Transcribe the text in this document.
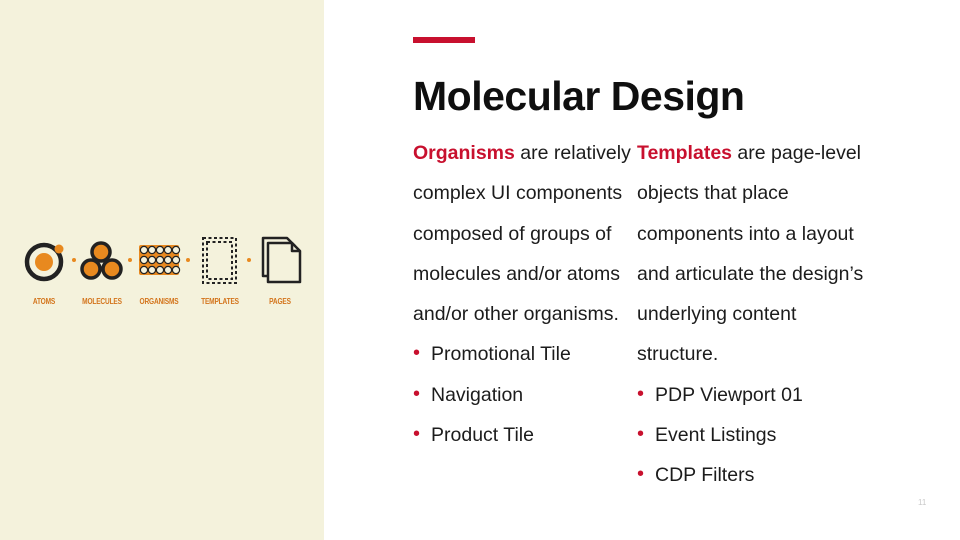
ATOMS	MOLECULES	ORGANISMS	TEMPLATES	PAGES
Molecular Design

Organisms are relatively complex UI components composed of groups of molecules and/or atoms and/or other organisms.

• Promotional Tile
• Navigation
• Product Tile

Templates are page-level objects that place components into a layout and articulate the design’s underlying content structure.

• PDP Viewport 01
• Event Listings
• CDP Filters
11
